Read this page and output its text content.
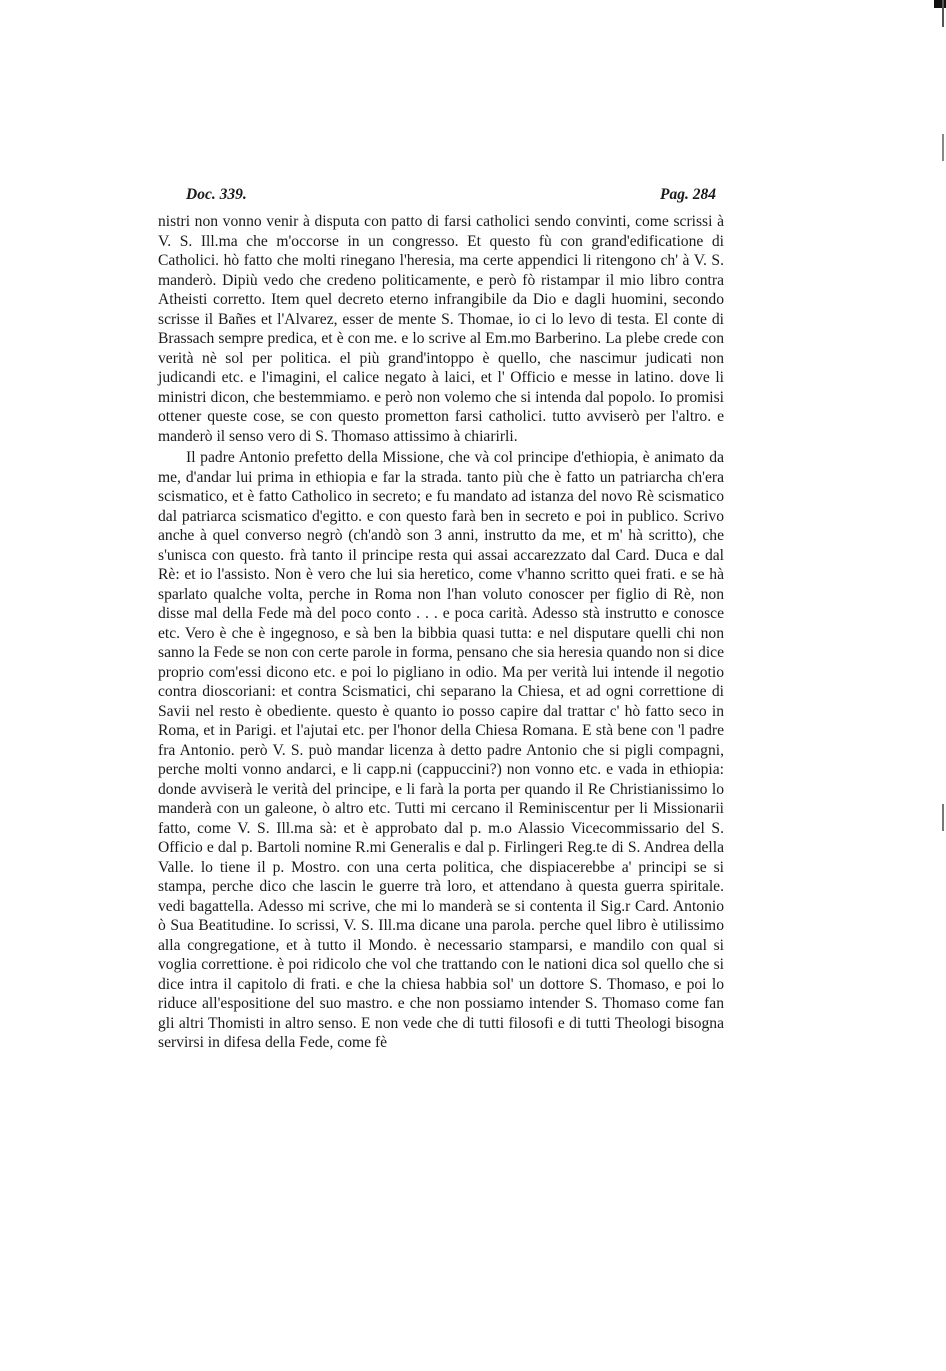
Doc. 339.	Pag. 284

nistri non vonno venir à disputa con patto di farsi catholici sendo convinti, come scrissi à V. S. Ill.ma che m'occorse in un congresso. Et questo fù con grand'edificatione di Catholici. hò fatto che molti rinegano l'heresia, ma certe appendici li ritengono ch' à V. S. manderò. Dipiù vedo che credeno politicamente, e però fò ristampar il mio libro contra Atheisti corretto. Item quel decreto eterno infrangibile da Dio e dagli huomini, secondo scrisse il Bañes et l'Alvarez, esser de mente S. Thomae, io ci lo levo di testa. El conte di Brassach sempre predica, et è con me. e lo scrive al Em.mo Barberino. La plebe crede con verità nè sol per politica. el più grand'intoppo è quello, che nascimur judicati non judicandi etc. e l'imagini, el calice negato à laici, et l' Officio e messe in latino. dove li ministri dicon, che bestemmiamo. e però non volemo che si intenda dal popolo. Io promisi ottener queste cose, se con questo prometton farsi catholici. tutto avviserò per l'altro. e manderò il senso vero di S. Thomaso attissimo à chiarirli.

Il padre Antonio prefetto della Missione, che và col principe d'ethiopia, è animato da me, d'andar lui prima in ethiopia e far la strada. tanto più che è fatto un patriarcha ch'era scismatico, et è fatto Catholico in secreto; e fu mandato ad istanza del novo Rè scismatico dal patriarca scismatico d'egitto. e con questo farà ben in secreto e poi in publico. Scrivo anche à quel converso negrò (ch'andò son 3 anni, instrutto da me, et m' hà scritto), che s'unisca con questo. frà tanto il principe resta qui assai accarezzato dal Card. Duca e dal Rè: et io l'assisto. Non è vero che lui sia heretico, come v'hanno scritto quei frati. e se hà sparlato qualche volta, perche in Roma non l'han voluto conoscer per figlio di Rè, non disse mal della Fede mà del poco conto . . . e poca carità. Adesso stà instrutto e conosce etc. Vero è che è ingegnoso, e sà ben la bibbia quasi tutta: e nel disputare quelli chi non sanno la Fede se non con certe parole in forma, pensano che sia heresia quando non si dice proprio com'essi dicono etc. e poi lo pigliano in odio. Ma per verità lui intende il negotio contra dioscoriani: et contra Scismatici, chi separano la Chiesa, et ad ogni correttione di Savii nel resto è obediente. questo è quanto io posso capire dal trattar c' hò fatto seco in Roma, et in Parigi. et l'ajutai etc. per l'honor della Chiesa Romana. E stà bene con 'l padre fra Antonio. però V. S. può mandar licenza à detto padre Antonio che si pigli compagni, perche molti vonno andarci, e li capp.ni (cappuccini?) non vonno etc. e vada in ethiopia: donde avviserà le verità del principe, e li farà la porta per quando il Re Christianissimo lo manderà con un galeone, ò altro etc. Tutti mi cercano il Reminiscentur per li Missionarii fatto, come V. S. Ill.ma sà: et è approbato dal p. m.o Alassio Vicecommissario del S. Officio e dal p. Bartoli nomine R.mi Generalis e dal p. Firlingeri Reg.te di S. Andrea della Valle. lo tiene il p. Mostro. con una certa politica, che dispiacerebbe a' principi se si stampa, perche dico che lascin le guerre trà loro, et attendano à questa guerra spiritale. vedi bagattella. Adesso mi scrive, che mi lo manderà se si contenta il Sig.r Card. Antonio ò Sua Beatitudine. Io scrissi, V. S. Ill.ma dicane una parola. perche quel libro è utilissimo alla congregatione, et à tutto il Mondo. è necessario stamparsi, e mandilo con qual si voglia correttione. è poi ridicolo che vol che trattando con le nationi dica sol quello che si dice intra il capitolo di frati. e che la chiesa habbia sol' un dottore S. Thomaso, e poi lo riduce all'espositione del suo mastro. e che non possiamo intender S. Thomaso come fan gli altri Thomisti in altro senso. E non vede che di tutti filosofi e di tutti Theologi bisogna servirsi in difesa della Fede, come fè
